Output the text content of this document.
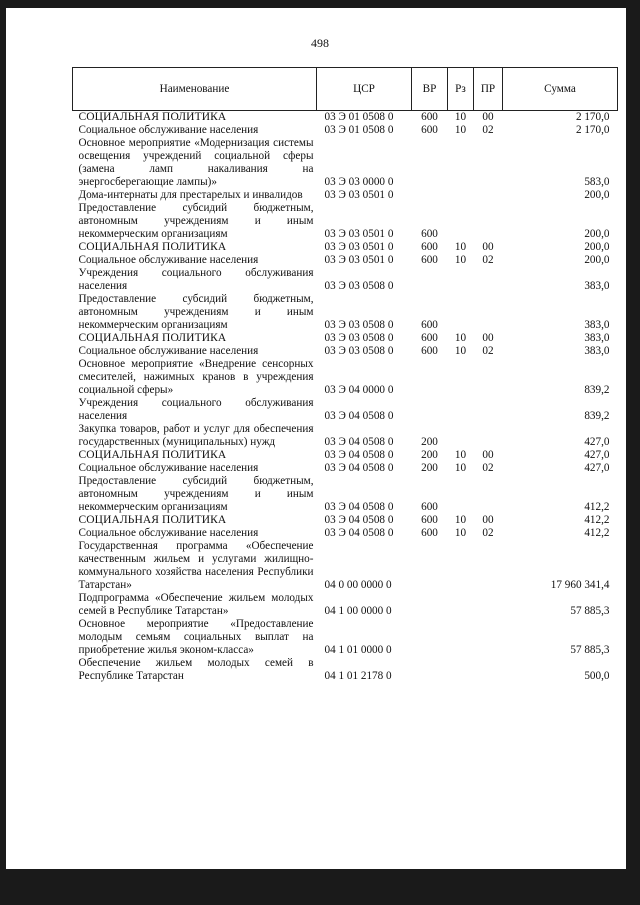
498
Наименование	ЦСР	ВР	Рз	ПР	Сумма
СОЦИАЛЬНАЯ ПОЛИТИКА	03 Э 01 0508 0	600	10	00	2 170,0
Социальное обслуживание населения	03 Э 01 0508 0	600	10	02	2 170,0
Основное мероприятие «Модернизация системы освещения учреждений социальной сферы (замена ламп накаливания на энергосберегающие лампы)»	03 Э 03 0000 0				583,0
Дома-интернаты для престарелых и инвалидов	03 Э 03 0501 0				200,0
Предоставление субсидий бюджетным, автономным учреждениям и иным некоммерческим организациям	03 Э 03 0501 0	600			200,0
СОЦИАЛЬНАЯ ПОЛИТИКА	03 Э 03 0501 0	600	10	00	200,0
Социальное обслуживание населения	03 Э 03 0501 0	600	10	02	200,0
Учреждения социального обслуживания населения	03 Э 03 0508 0				383,0
Предоставление субсидий бюджетным, автономным учреждениям и иным некоммерческим организациям	03 Э 03 0508 0	600			383,0
СОЦИАЛЬНАЯ ПОЛИТИКА	03 Э 03 0508 0	600	10	00	383,0
Социальное обслуживание населения	03 Э 03 0508 0	600	10	02	383,0
Основное мероприятие «Внедрение сенсорных смесителей, нажимных кранов в учреждения социальной сферы»	03 Э 04 0000 0				839,2
Учреждения социального обслуживания населения	03 Э 04 0508 0				839,2
Закупка товаров, работ и услуг для обеспечения государственных (муниципальных) нужд	03 Э 04 0508 0	200			427,0
СОЦИАЛЬНАЯ ПОЛИТИКА	03 Э 04 0508 0	200	10	00	427,0
Социальное обслуживание населения	03 Э 04 0508 0	200	10	02	427,0
Предоставление субсидий бюджетным, автономным учреждениям и иным некоммерческим организациям	03 Э 04 0508 0	600			412,2
СОЦИАЛЬНАЯ ПОЛИТИКА	03 Э 04 0508 0	600	10	00	412,2
Социальное обслуживание населения	03 Э 04 0508 0	600	10	02	412,2
Государственная программа «Обеспечение качественным жильем и услугами жилищно-коммунального хозяйства населения Республики Татарстан»	04 0 00 0000 0				17 960 341,4
Подпрограмма «Обеспечение жильем молодых семей в Республике Татарстан»	04 1 00 0000 0				57 885,3
Основное мероприятие «Предоставление молодым семьям социальных выплат на приобретение жилья эконом-класса»	04 1 01 0000 0				57 885,3
Обеспечение жильем молодых семей в Республике Татарстан	04 1 01 2178 0				500,0
